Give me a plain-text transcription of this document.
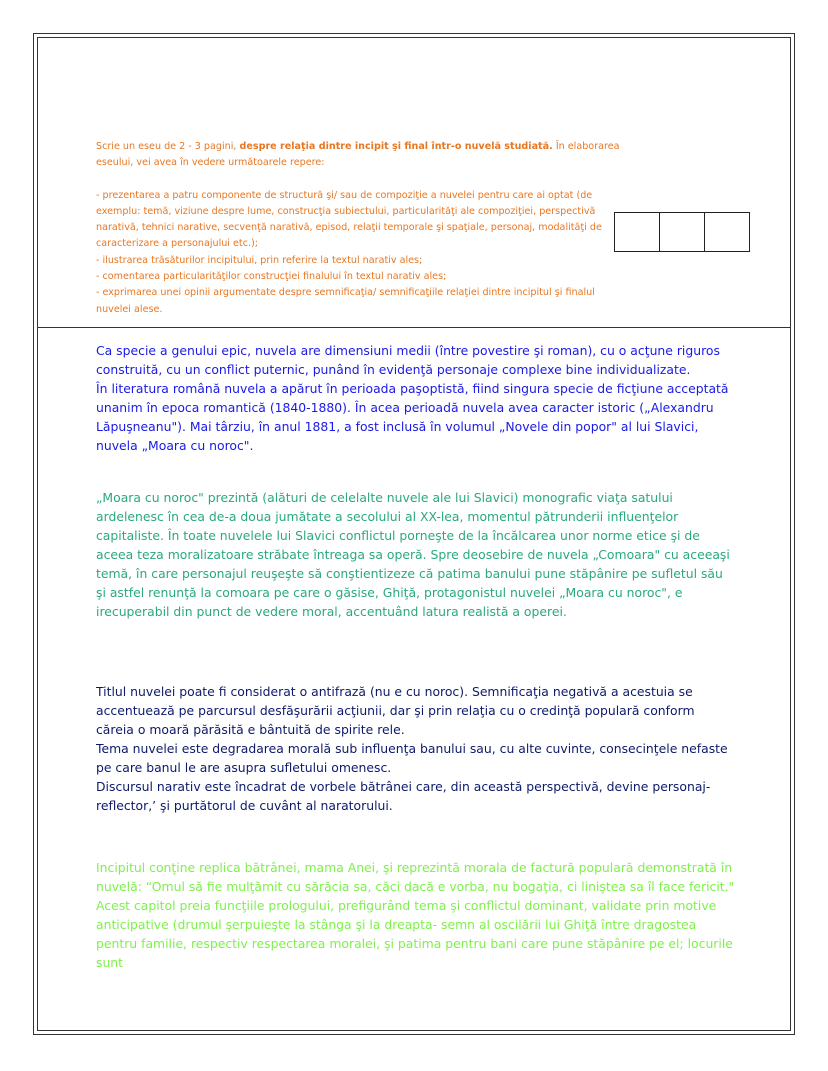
Scrie un eseu de 2 - 3 pagini, despre relaţia dintre incipit şi final într-o nuvelă studiată. În elaborarea eseului, vei avea în vedere următoarele repere:

- prezentarea a patru componente de structură şi/ sau de compoziţie a nuvelei pentru care ai optat (de exemplu: temă, viziune despre lume, construcţia subiectului, particularităţi ale compoziţiei, perspectivă narativă, tehnici narative, secvenţă narativă, episod, relaţii temporale şi spaţiale, personaj, modalităţi de caracterizare a personajului etc.);

- ilustrarea trăsăturilor incipitului, prin referire la textul narativ ales;

- comentarea particularităţilor construcţiei finalului în textul narativ ales;

- exprimarea unei opinii argumentate despre semnificaţia/ semnificaţiile relaţiei dintre incipitul şi finalul nuvelei alese.

Ca specie a genului epic, nuvela are dimensiuni medii (între povestire şi roman), cu o acţune riguros construită, cu un conflict puternic, punând în evidenţă personaje complexe bine individualizate.

În literatura română nuvela a apărut în perioada paşoptistă, fiind singura specie de ficţiune acceptată unanim în epoca romantică (1840-1880). În acea perioadă nuvela avea caracter istoric („Alexandru Lăpuşneanu"). Mai târziu, în anul 1881, a fost inclusă în volumul „Novele din popor" al lui Slavici, nuvela „Moara cu noroc".

„Moara cu noroc" prezintă (alături de celelalte nuvele ale lui Slavici) monografic viaţa satului ardelenesc în cea de-a doua jumătate a secolului al XX-lea, momentul pătrunderii influenţelor capitaliste. În toate nuvelele lui Slavici conflictul porneşte de la încălcarea unor norme etice şi de aceea teza moralizatoare străbate întreaga sa operă. Spre deosebire de nuvela „Comoara" cu aceeaşi temă, în care personajul reuşeşte să conştientizeze că patima banului pune stăpânire pe sufletul său şi astfel renunţă la comoara pe care o găsise, Ghiţă, protagonistul nuvelei „Moara cu noroc", e irecuperabil din punct de vedere moral, accentuând latura realistă a operei.

Titlul nuvelei poate fi considerat o antifrază (nu e cu noroc). Semnificaţia negativă a acestuia se accentuează pe parcursul desfăşurării acţiunii, dar şi prin relaţia cu o credinţă populară conform căreia o moară părăsită e bântuită de spirite rele.

Tema nuvelei este degradarea morală sub influenţa banului sau, cu alte cuvinte, consecinţele nefaste pe care banul le are asupra sufletului omenesc.

Discursul narativ este încadrat de vorbele bătrânei care, din această perspectivă, devine personaj-reflector,’ şi purtătorul de cuvânt al naratorului.

Incipitul conţine replica bătrânei, mama Anei, şi reprezintă morala de factură populară demonstrată în nuvelă: “Omul să fie mulţămit cu sărăcia sa, căci dacă e vorba, nu bogaţia, ci liniştea sa îl face fericit." Acest capitol preia funcţiile prologului, prefigurând tema şi conflictul dominant, validate prin motive anticipative (drumul şerpuieşte la stânga şi la dreapta- semn al oscilării lui Ghiţă între dragostea pentru familie, respectiv respectarea moralei, şi patima pentru bani care pune stăpânire pe el; locurile sunt
